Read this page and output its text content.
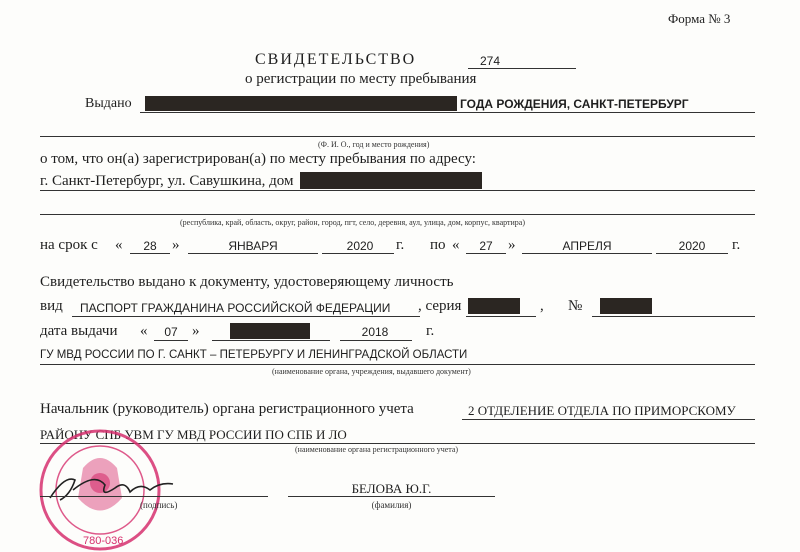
Форма № 3
СВИДЕТЕЛЬСТВО	274
о регистрации по месту пребывания
Выдано	ГОДА РОЖДЕНИЯ, САНКТ-ПЕТЕРБУРГ
(Ф. И. О., год и место рождения)
о том, что он(а) зарегистрирован(а) по месту пребывания по адресу:
г. Санкт-Петербург, ул. Савушкина, дом
(республика, край, область, округ, район, город, пгт, село, деревня, аул, улица, дом, корпус, квартира)
на срок с «	28	»	ЯНВАРЯ	2020	г. по «	27	»	АПРЕЛЯ	2020	г.
Свидетельство выдано к документу, удостоверяющему личность
вид ПАСПОРТ ГРАЖДАНИНА РОССИЙСКОЙ ФЕДЕРАЦИИ , серия	, №
дата выдачи «	07 »	2018	г.
ГУ МВД РОССИИ ПО Г. САНКТ – ПЕТЕРБУРГУ И ЛЕНИНГРАДСКОЙ ОБЛАСТИ
(наименование органа, учреждения, выдавшего документ)
Начальник (руководитель) органа регистрационного учета	2 ОТДЕЛЕНИЕ ОТДЕЛА ПО ПРИМОРСКОМУ
РАЙОНУ СПБ УВМ ГУ МВД РОССИИ ПО СПБ И ЛО
(наименование органа регистрационного учета)
780-036
(подпись)
БЕЛОВА Ю.Г.
(фамилия)
